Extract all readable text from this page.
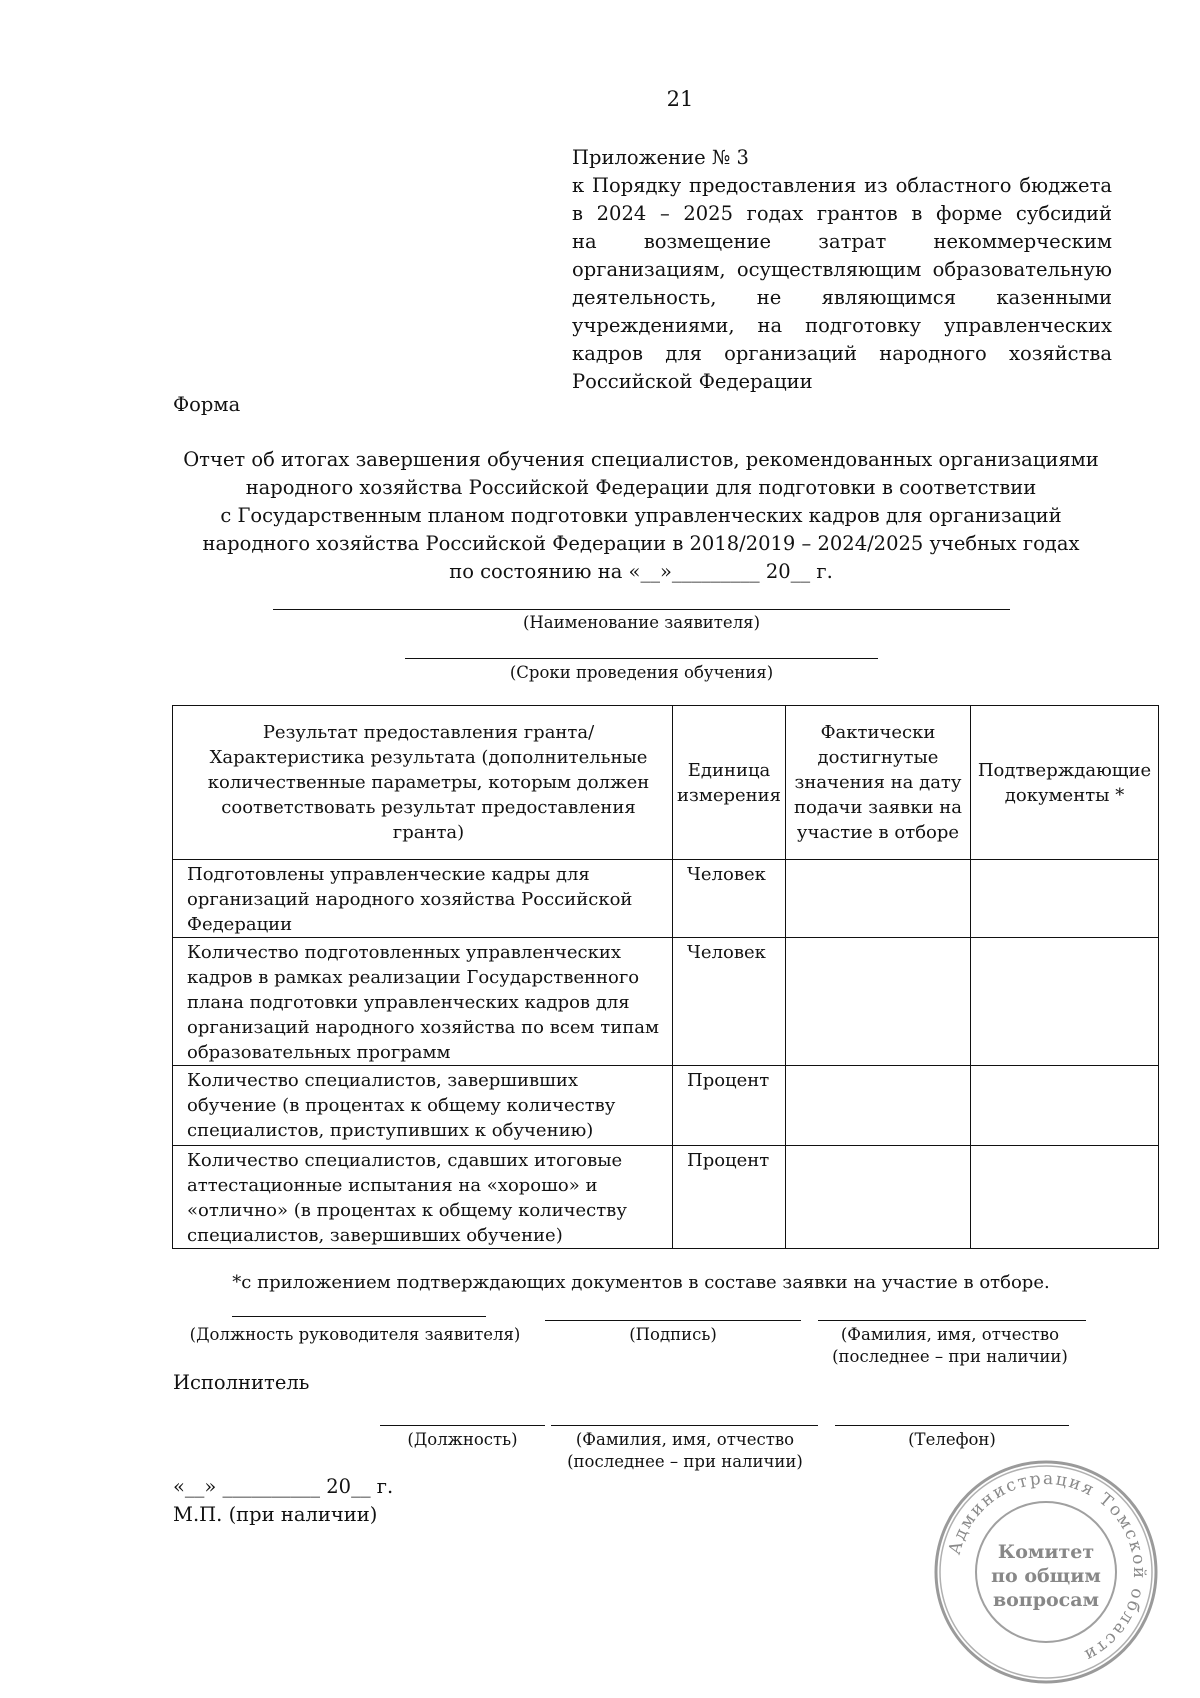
21
Приложение № 3
к Порядку предоставления из областного бюджета
в 2024 – 2025 годах грантов в форме субсидий
на возмещение затрат некоммерческим
организациям, осуществляющим образовательную
деятельность, не являющимся казенными
учреждениями, на подготовку управленческих
кадров для организаций народного хозяйства
Российской Федерации
Форма
Отчет об итогах завершения обучения специалистов, рекомендованных организациями
народного хозяйства Российской Федерации для подготовки в соответствии
с Государственным планом подготовки управленческих кадров для организаций
народного хозяйства Российской Федерации в 2018/2019 – 2024/2025 учебных годах
по состоянию на «__»_________ 20__ г.
(Наименование заявителя)
(Сроки проведения обучения)
Результат предоставления гранта/Характеристика результата (дополнительные количественные параметры, которым должен соответствовать результат предоставления гранта)	Единица измерения	Фактически достигнутые значения на дату подачи заявки на участие в отборе	Подтверждающие документы *
Подготовлены управленческие кадры для организаций народного хозяйства Российской Федерации	Человек		
Количество подготовленных управленческих кадров в рамках реализации Государственного плана подготовки управленческих кадров для организаций народного хозяйства по всем типам образовательных программ	Человек		
Количество специалистов, завершивших обучение (в процентах к общему количеству специалистов, приступивших к обучению)	Процент		
Количество специалистов, сдавших итоговые аттестационные испытания на «хорошо» и «отлично» (в процентах к общему количеству специалистов, завершивших обучение)	Процент		
*с приложением подтверждающих документов в составе заявки на участие в отборе.
(Должность руководителя заявителя)	(Подпись)	(Фамилия, имя, отчество
(последнее – при наличии)
Исполнитель
(Должность)	(Фамилия, имя, отчество
(последнее – при наличии)
(Телефон)
«__» __________ 20__ г.
М.П. (при наличии)
Администрация Томской области
Комитет
по общим
вопросам
